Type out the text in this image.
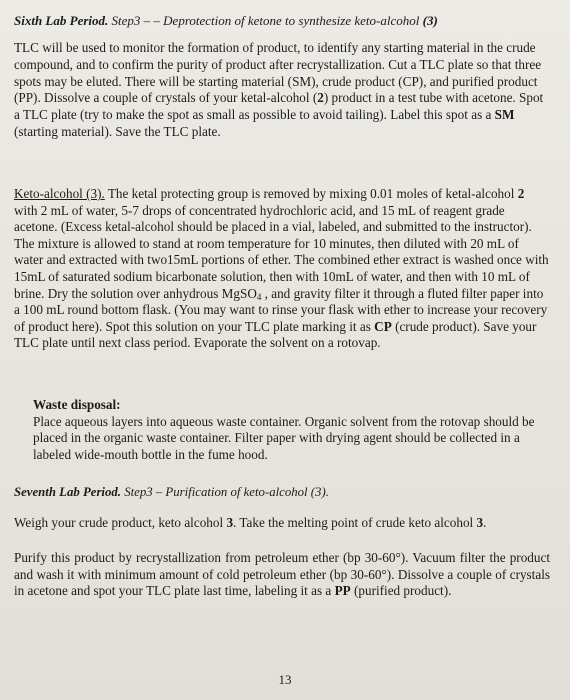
Sixth Lab Period. Step3 – – Deprotection of ketone to synthesize keto-alcohol (3)

TLC will be used to monitor the formation of product, to identify any starting material in the crude compound, and to confirm the purity of product after recrystallization. Cut a TLC plate so that three spots may be eluted. There will be starting material (SM), crude product (CP), and purified product (PP). Dissolve a couple of crystals of your ketal-alcohol (2) product in a test tube with acetone. Spot a TLC plate (try to make the spot as small as possible to avoid tailing). Label this spot as a SM (starting material). Save the TLC plate.

Keto-alcohol (3). The ketal protecting group is removed by mixing 0.01 moles of ketal-alcohol 2 with 2 mL of water, 5-7 drops of concentrated hydrochloric acid, and 15 mL of reagent grade acetone. (Excess ketal-alcohol should be placed in a vial, labeled, and submitted to the instructor). The mixture is allowed to stand at room temperature for 10 minutes, then diluted with 20 mL of water and extracted with two15mL portions of ether. The combined ether extract is washed once with 15mL of saturated sodium bicarbonate solution, then with 10mL of water, and then with 10 mL of brine. Dry the solution over anhydrous MgSO$_4$ , and gravity filter it through a fluted filter paper into a 100 mL round bottom flask. (You may want to rinse your flask with ether to increase your recovery of product here). Spot this solution on your TLC plate marking it as CP (crude product). Save your TLC plate until next class period. Evaporate the solvent on a rotovap.

Waste disposal:
Place aqueous layers into aqueous waste container. Organic solvent from the rotovap should be placed in the organic waste container. Filter paper with drying agent should be collected in a labeled wide-mouth bottle in the fume hood.
Seventh Lab Period. Step3 – Purification of keto-alcohol (3).

Weigh your crude product, keto alcohol 3. Take the melting point of crude keto alcohol 3.

Purify this product by recrystallization from petroleum ether (bp 30-60°). Vacuum filter the product and wash it with minimum amount of cold petroleum ether (bp 30-60°). Dissolve a couple of crystals in acetone and spot your TLC plate last time, labeling it as a PP (purified product).

13
